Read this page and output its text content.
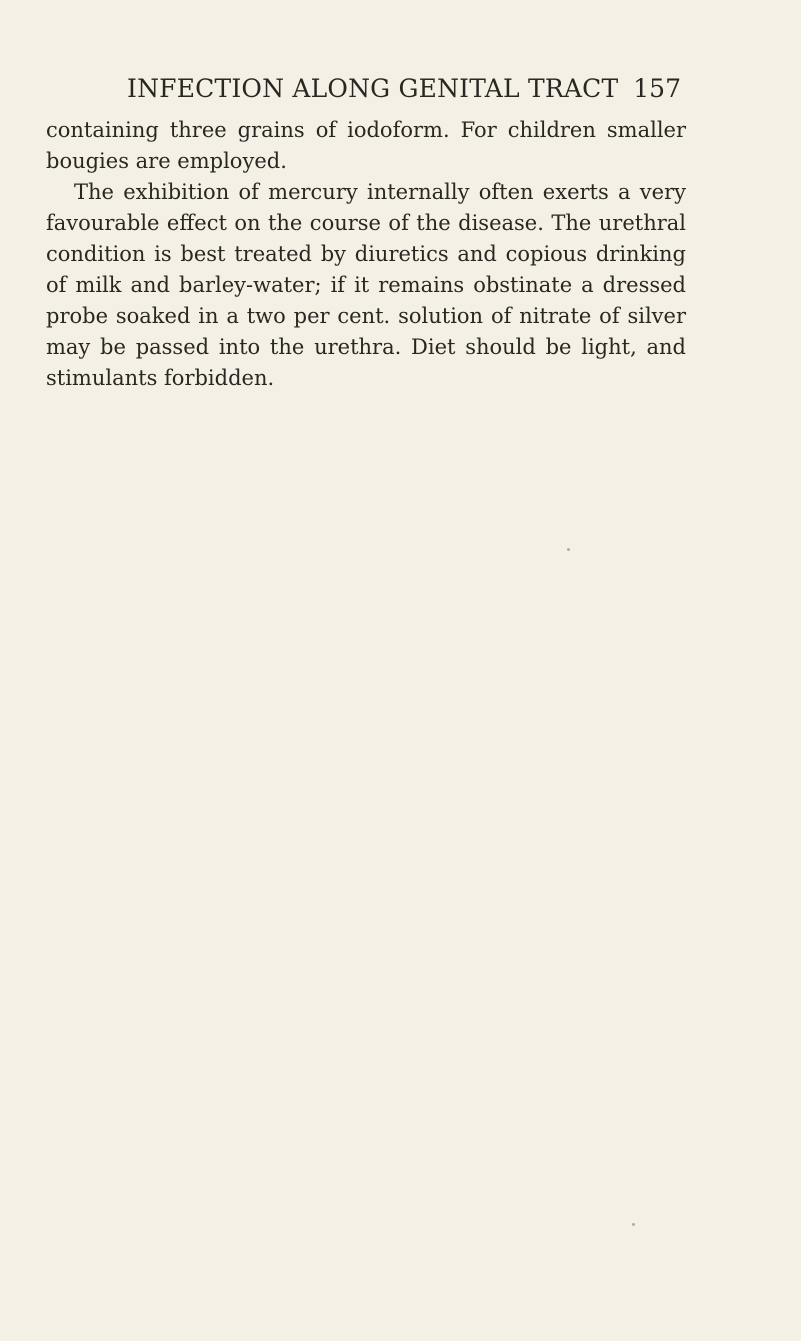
INFECTION ALONG GENITAL TRACT 157
containing three grains of iodoform. For children smaller
bougies are employed.
The exhibition of mercury internally often exerts a very
favourable effect on the course of the disease. The urethral
condition is best treated by diuretics and copious drinking
of milk and barley-water; if it remains obstinate a dressed
probe soaked in a two per cent. solution of nitrate of silver
may be passed into the urethra. Diet should be light, and
stimulants forbidden.
